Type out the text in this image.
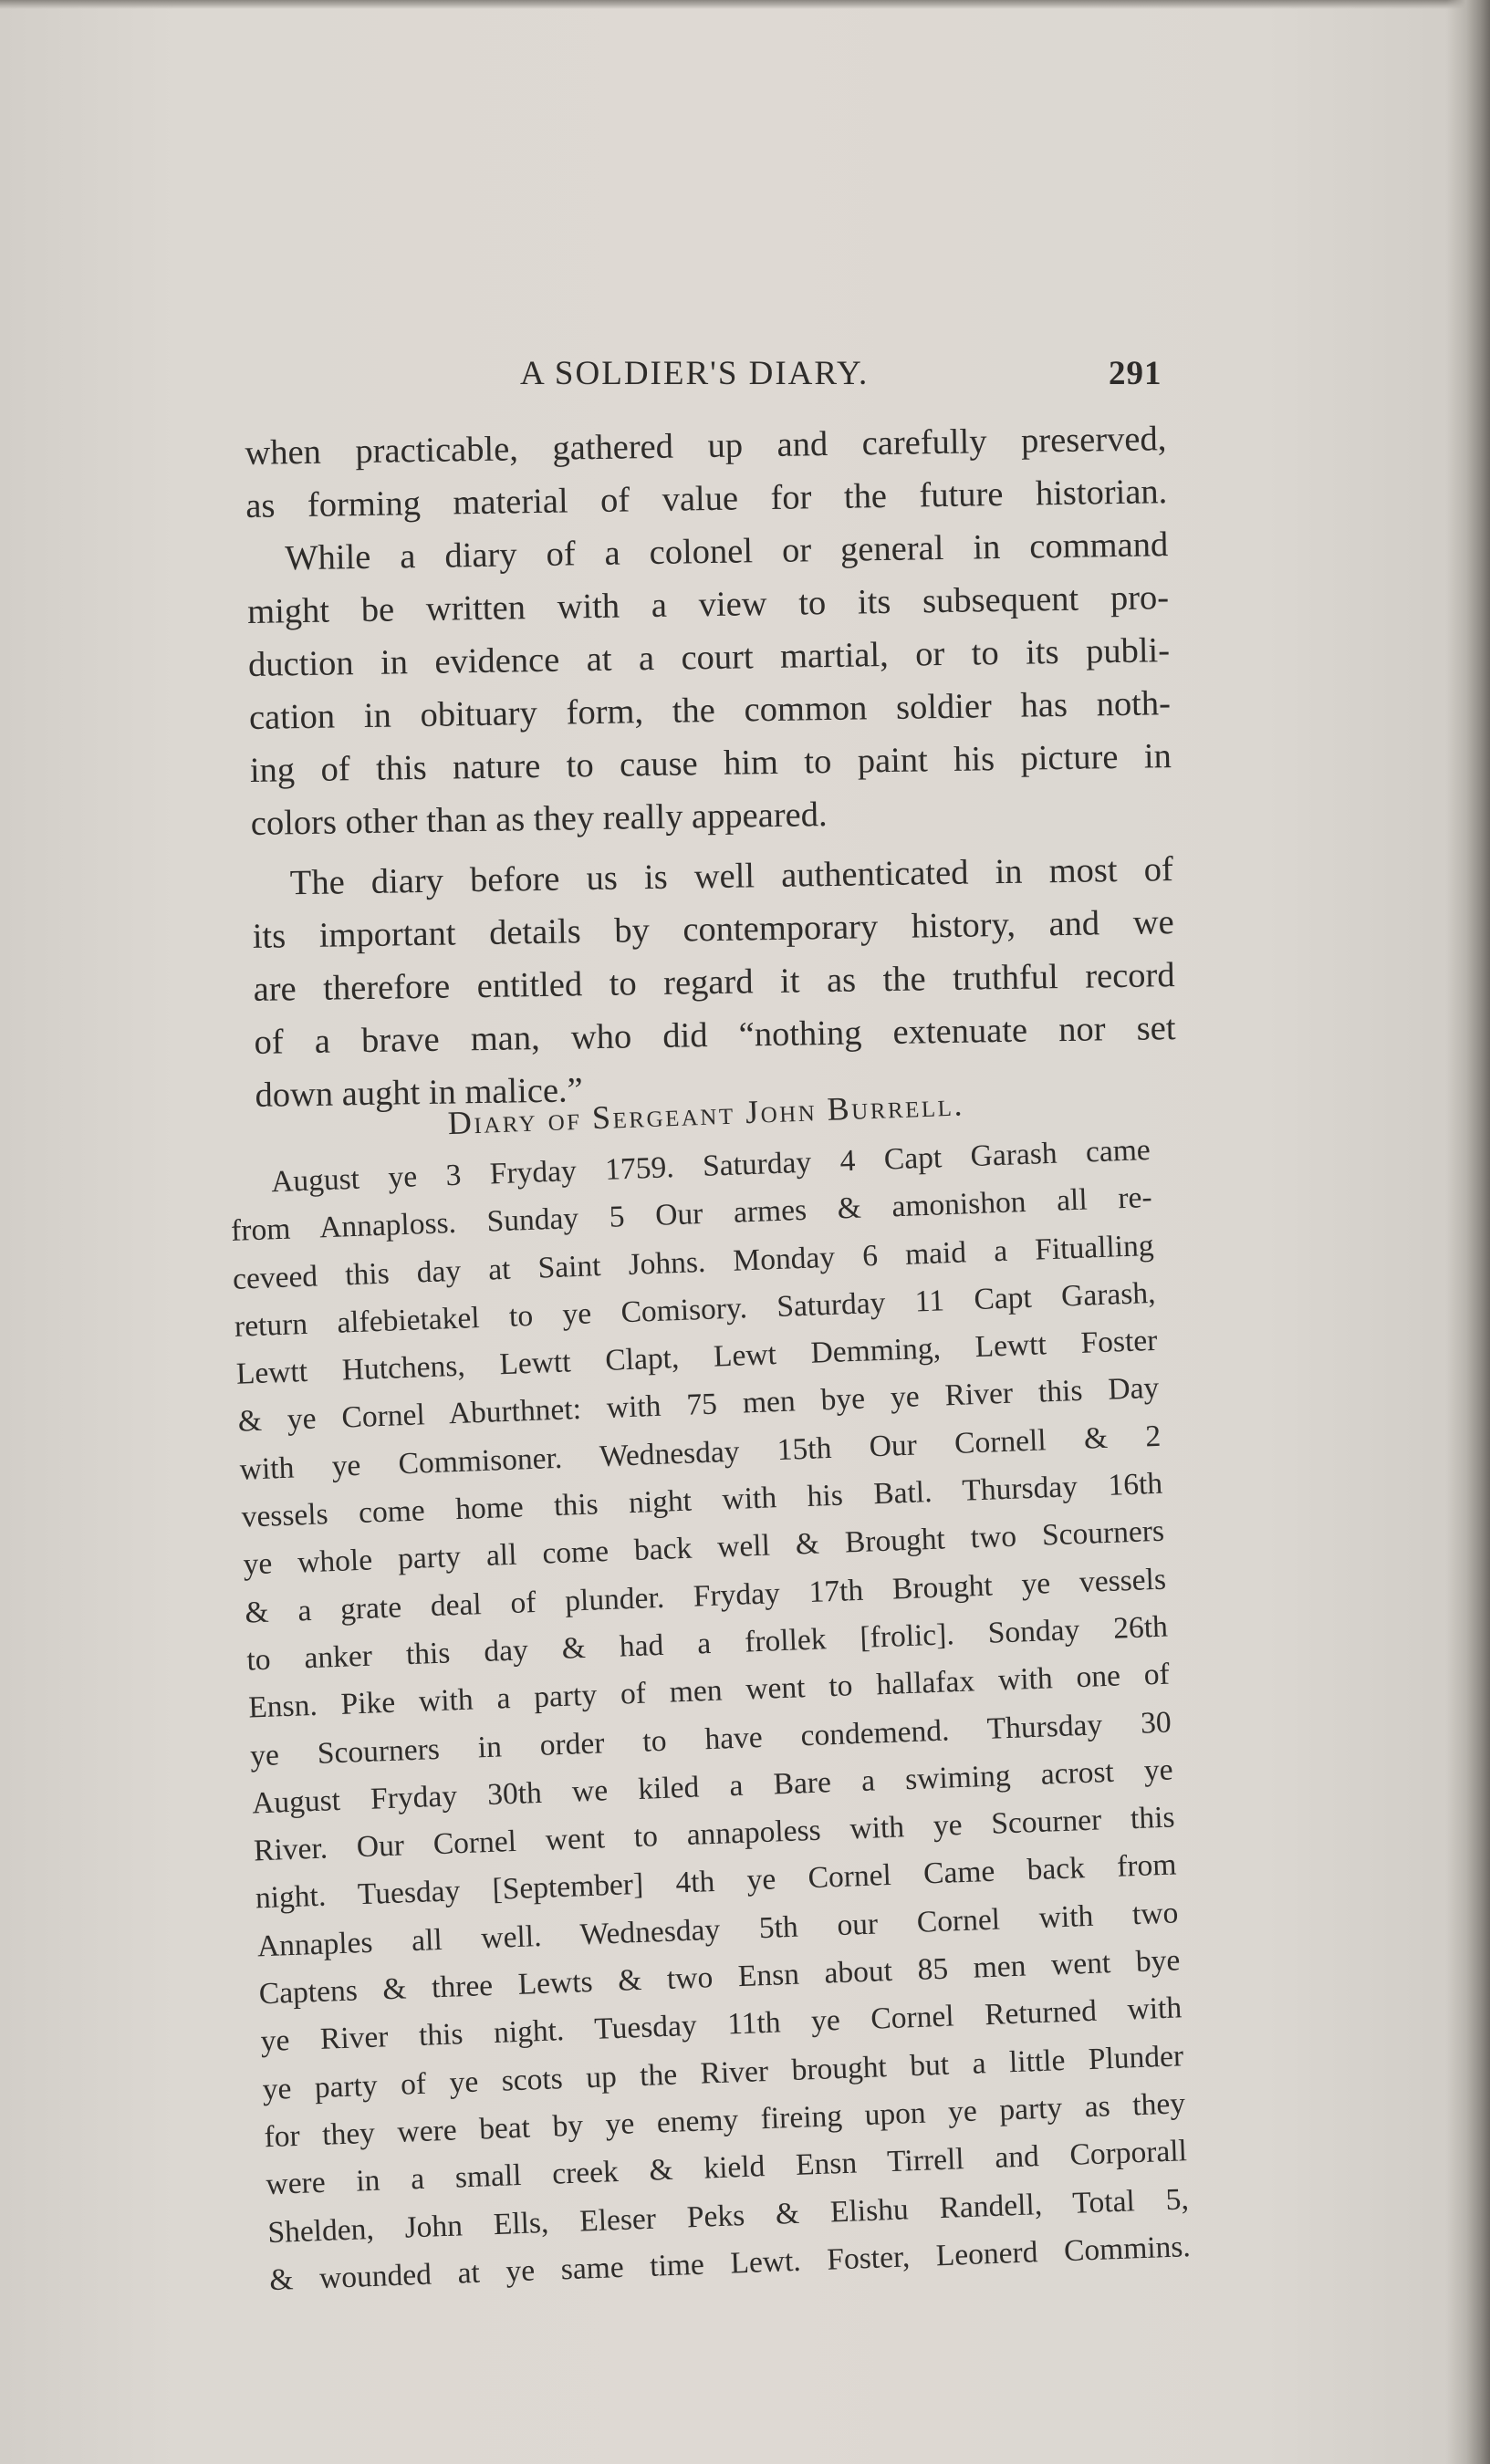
A SOLDIER'S DIARY.	291
when practicable, gathered up and carefully preserved,
as forming material of value for the future historian.
While a diary of a colonel or general in command
might be written with a view to its subsequent pro-
duction in evidence at a court martial, or to its publi-
cation in obituary form, the common soldier has noth-
ing of this nature to cause him to paint his picture in
colors other than as they really appeared.
The diary before us is well authenticated in most of
its important details by contemporary history, and we
are therefore entitled to regard it as the truthful record
of a brave man, who did “nothing extenuate nor set
down aught in malice.”
Diary of Sergeant John Burrell.
August ye 3 Fryday 1759. Saturday 4 Capt Garash came
from Annaploss. Sunday 5 Our armes & amonishon all re-
ceveed this day at Saint Johns. Monday 6 maid a Fitualling
return alfebietakel to ye Comisory. Saturday 11 Capt Garash,
Lewtt Hutchens, Lewtt Clapt, Lewt Demming, Lewtt Foster
& ye Cornel Aburthnet: with 75 men bye ye River this Day
with ye Commisoner. Wednesday 15th Our Cornell & 2
vessels come home this night with his Batl. Thursday 16th
ye whole party all come back well & Brought two Scourners
& a grate deal of plunder. Fryday 17th Brought ye vessels
to anker this day & had a frollek [frolic]. Sonday 26th
Ensn. Pike with a party of men went to hallafax with one of
ye Scourners in order to have condemend. Thursday 30
August Fryday 30th we kiled a Bare a swiming acrost ye
River. Our Cornel went to annapoless with ye Scourner this
night. Tuesday [September] 4th ye Cornel Came back from
Annaples all well. Wednesday 5th our Cornel with two
Captens & three Lewts & two Ensn about 85 men went bye
ye River this night. Tuesday 11th ye Cornel Returned with
ye party of ye scots up the River brought but a little Plunder
for they were beat by ye enemy fireing upon ye party as they
were in a small creek & kield Ensn Tirrell and Corporall
Shelden, John Ells, Eleser Peks & Elishu Randell, Total 5,
& wounded at ye same time Lewt. Foster, Leonerd Commins.
